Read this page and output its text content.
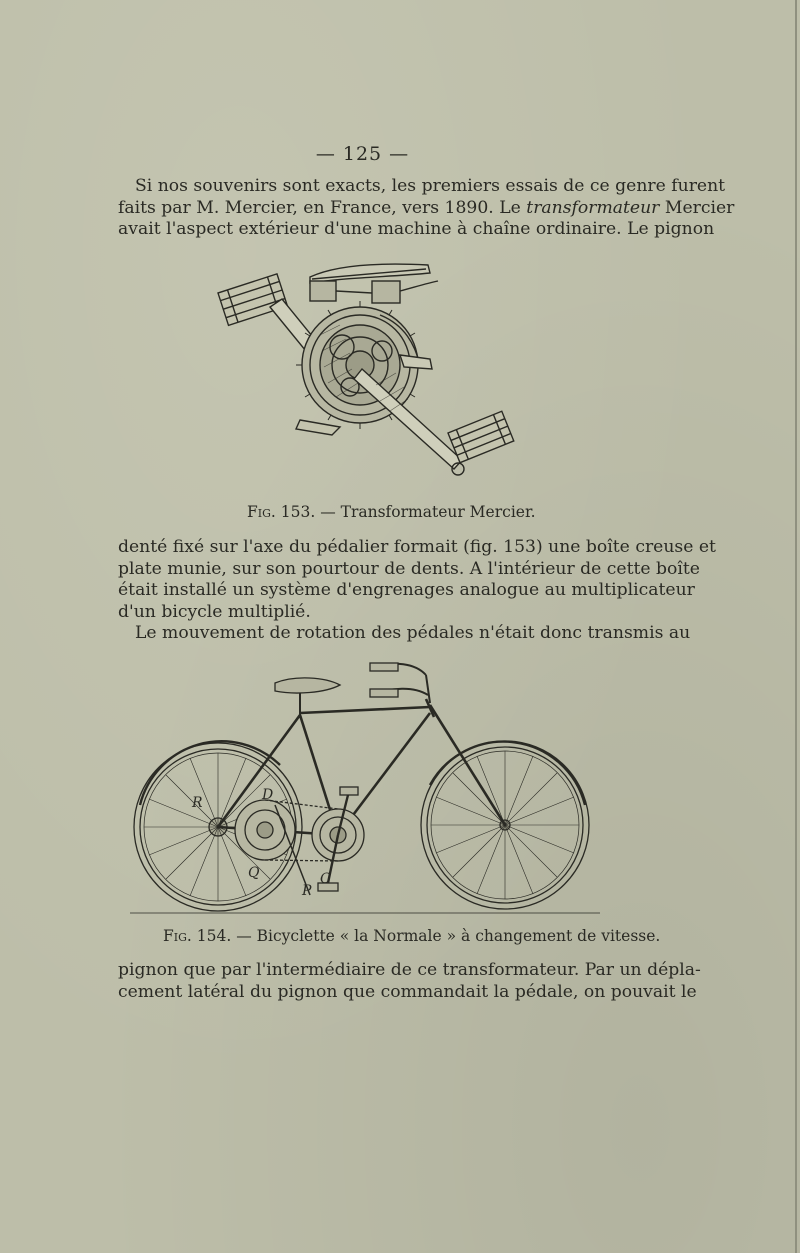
— 125 —
Si nos souvenirs sont exacts, les premiers essais de ce genre furent
faits par M. Mercier, en France, vers 1890. Le transformateur Mercier
avait l'aspect extérieur d'une machine à chaîne ordinaire. Le pignon
Fig. 153. — Transformateur Mercier.
denté fixé sur l'axe du pédalier formait (fig. 153) une boîte creuse et
plate munie, sur son pourtour de dents. A l'intérieur de cette boîte
était installé un système d'engrenages analogue au multiplicateur
d'un bicycle multiplié.
Le mouvement de rotation des pédales n'était donc transmis au
R	D
Q	C
P
Fig. 154. — Bicyclette « la Normale » à changement de vitesse.
pignon que par l'intermédiaire de ce transformateur. Par un dépla-
cement latéral du pignon que commandait la pédale, on pouvait le
